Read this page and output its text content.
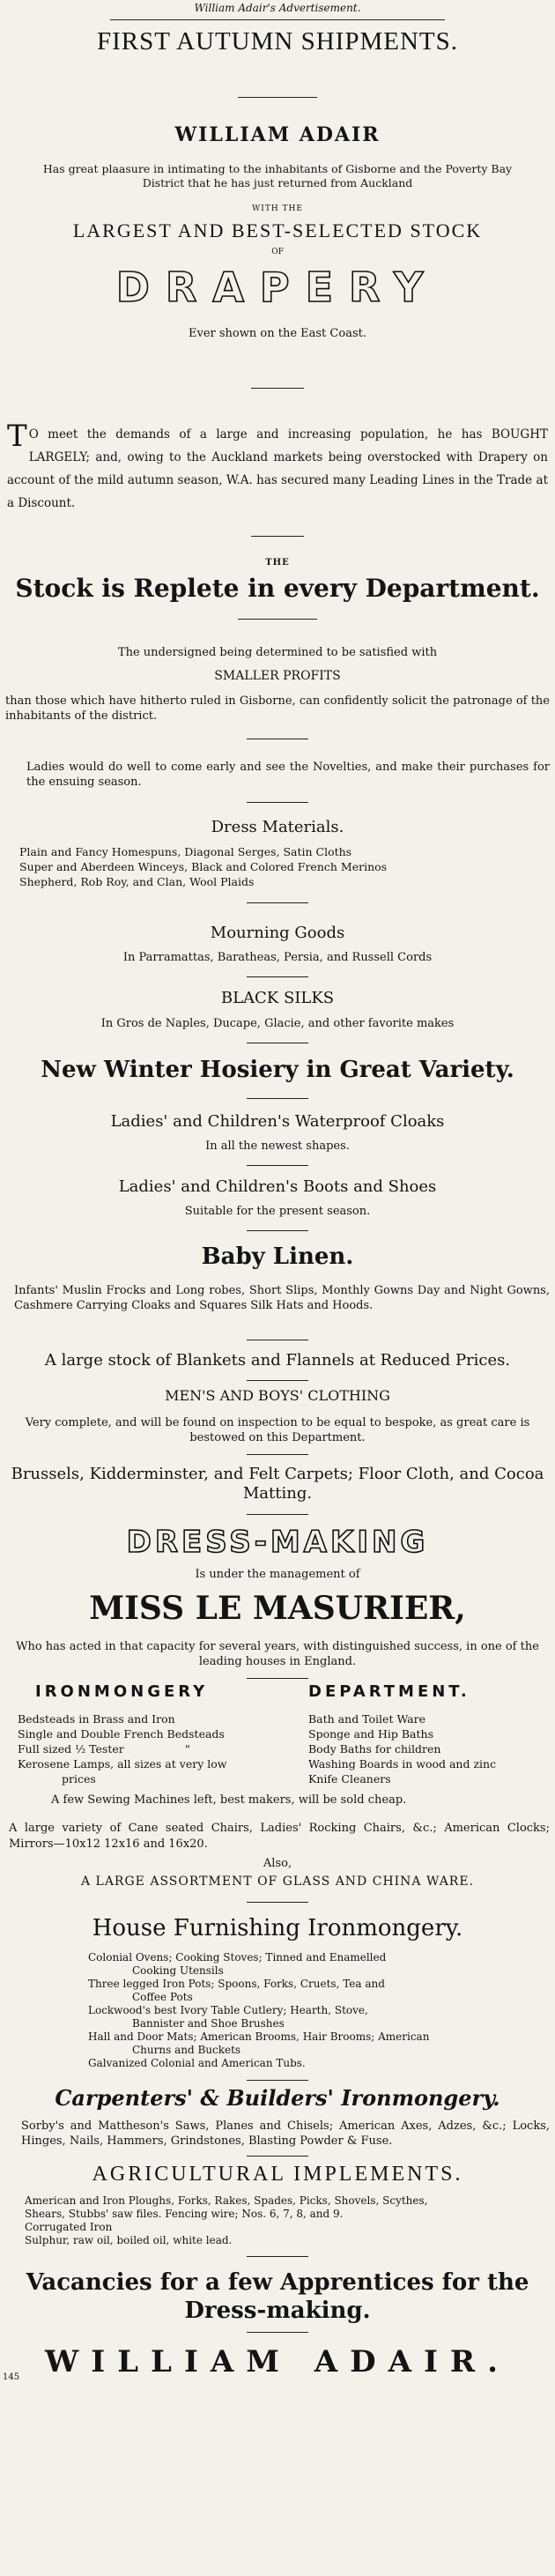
William Adair's Advertisement.
FIRST AUTUMN SHIPMENTS.
WILLIAM ADAIR
Has great plaasure in intimating to the inhabitants of Gisborne and the Poverty Bay District that he has just returned from Auckland
WITH THE
LARGEST AND BEST-SELECTED STOCK
OF
DRAPERY
Ever shown on the East Coast.
T O meet the demands of a large and increasing population, he has BOUGHT LARGELY; and, owing to the Auckland markets being overstocked with Drapery on account of the mild autumn season, W.A. has secured many Leading Lines in the Trade at a Discount.
THE
Stock is Replete in every Department.
The undersigned being determined to be satisfied with
SMALLER PROFITS
than those which have hitherto ruled in Gisborne, can confidently solicit the patronage of the inhabitants of the district.
Ladies would do well to come early and see the Novelties, and make their purchases for the ensuing season.
Dress Materials.
Plain and Fancy Homespuns, Diagonal Serges, Satin Cloths
Super and Aberdeen Winceys, Black and Colored French Merinos
Shepherd, Rob Roy, and Clan, Wool Plaids
Mourning Goods
In Parramattas, Baratheas, Persia, and Russell Cords
BLACK SILKS
In Gros de Naples, Ducape, Glacie, and other favorite makes
New Winter Hosiery in Great Variety.
Ladies' and Children's Waterproof Cloaks
In all the newest shapes.
Ladies' and Children's Boots and Shoes
Suitable for the present season.
Baby Linen.
Infants' Muslin Frocks and Long robes, Short Slips, Monthly Gowns Day and Night Gowns, Cashmere Carrying Cloaks and Squares Silk Hats and Hoods.
A large stock of Blankets and Flannels at Reduced Prices.
MEN'S AND BOYS' CLOTHING
Very complete, and will be found on inspection to be equal to bespoke, as great care is bestowed on this Department.
Brussels, Kidderminster, and Felt Carpets; Floor Cloth, and Cocoa Matting.
DRESS-MAKING
Is under the management of
MISS LE MASURIER,
Who has acted in that capacity for several years, with distinguished success, in one of the leading houses in England.
IRONMONGERY	DEPARTMENT.
Bedsteads in Brass and Iron
Single and Double French Bedsteads
Full sized ½ Tester	"
Kerosene Lamps, all sizes at very low
prices
Bath and Toilet Ware
Sponge and Hip Baths
Body Baths for children
Washing Boards in wood and zinc
Knife Cleaners
A few Sewing Machines left, best makers, will be sold cheap.
A large variety of Cane seated Chairs, Ladies' Rocking Chairs, &c.; American Clocks; Mirrors—10x12 12x16 and 16x20.
Also,
A LARGE ASSORTMENT OF GLASS AND CHINA WARE.
House Furnishing Ironmongery.
Colonial Ovens; Cooking Stoves; Tinned and Enamelled
Cooking Utensils
Three legged Iron Pots; Spoons, Forks, Cruets, Tea and
Coffee Pots
Lockwood's best Ivory Table Cutlery; Hearth, Stove,
Bannister and Shoe Brushes
Hall and Door Mats; American Brooms, Hair Brooms; American
Churns and Buckets
Galvanized Colonial and American Tubs.
Carpenters' & Builders' Ironmongery.
Sorby's and Mattheson's Saws, Planes and Chisels; American Axes, Adzes, &c.; Locks, Hinges, Nails, Hammers, Grindstones, Blasting Powder & Fuse.
AGRICULTURAL IMPLEMENTS.
American and Iron Ploughs, Forks, Rakes, Spades, Picks, Shovels, Scythes,
Shears, Stubbs' saw files. Fencing wire; Nos. 6, 7, 8, and 9.
Corrugated Iron
Sulphur, raw oil, boiled oil, white lead.
Vacancies for a few Apprentices for the Dress-making.
145 WILLIAM ADAIR.
